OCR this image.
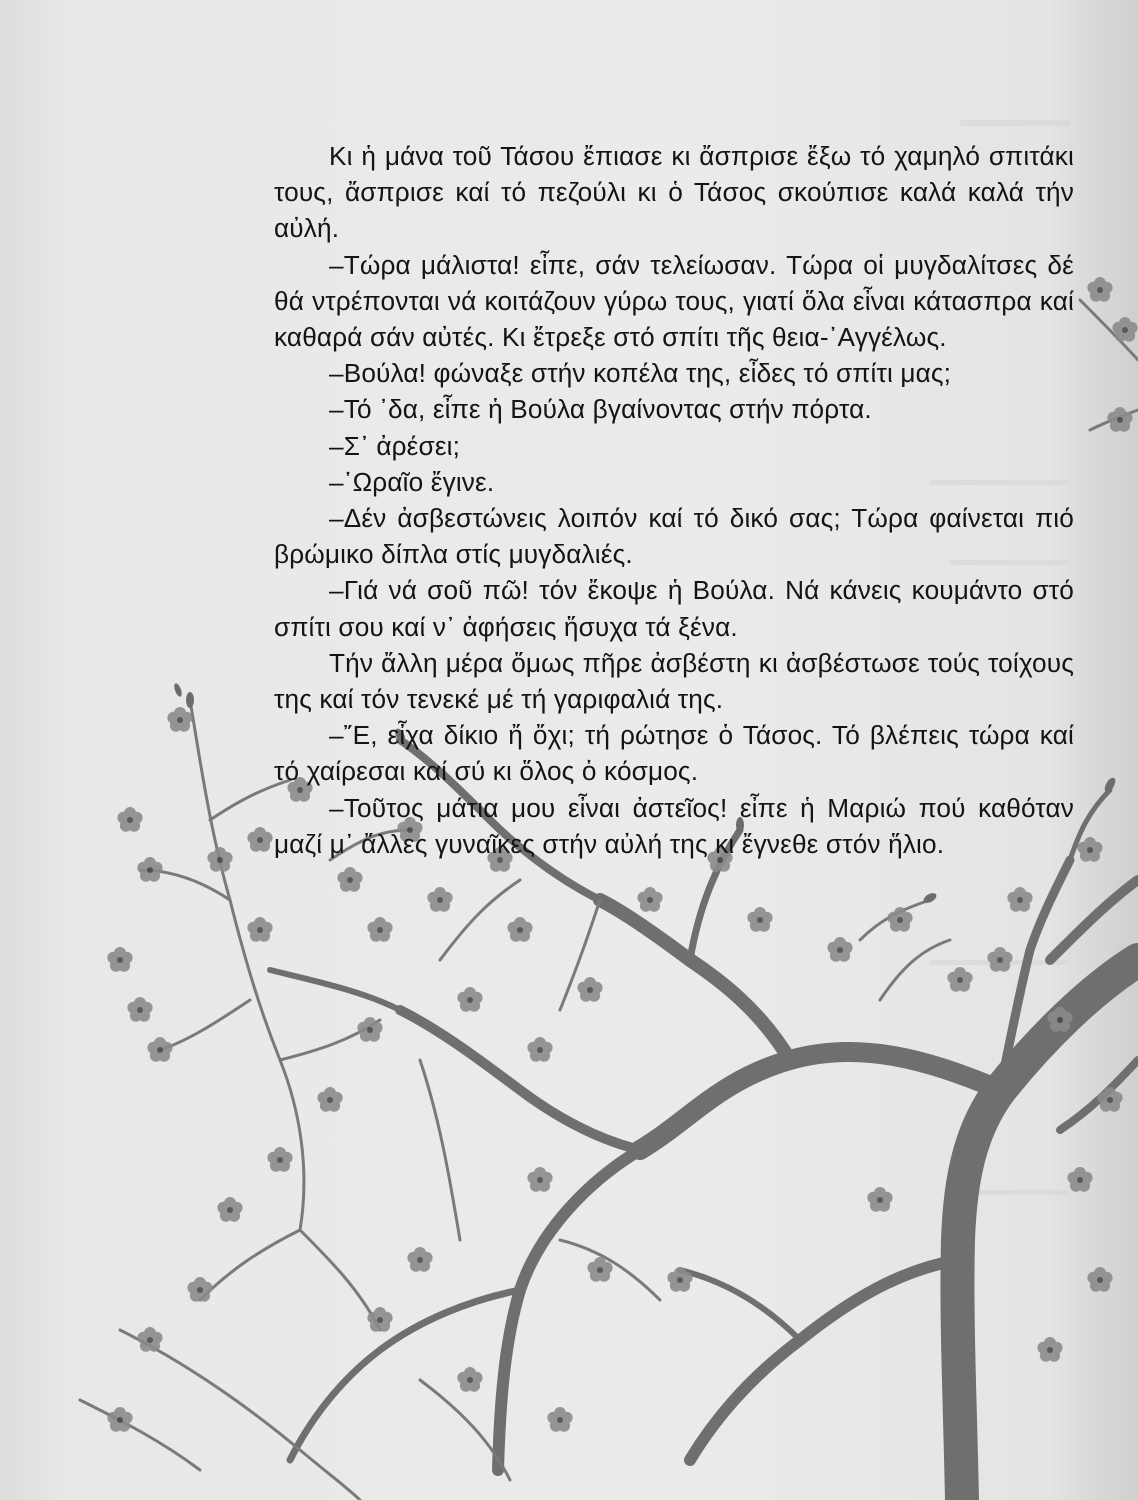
Κι ἡ μάνα τοῦ Τάσου ἔπιασε κι ἄσπρισε ἔξω τό χαμηλό σπιτάκι τους, ἄσπρισε καί τό πεζούλι κι ὁ Τάσος σκούπισε καλά καλά τήν αὐλή.

–Τώρα μάλιστα! εἶπε, σάν τελείωσαν. Τώρα οἱ μυγδαλίτσες δέ θά ντρέπονται νά κοιτάζουν γύρω τους, γιατί ὅλα εἶναι κάτασπρα καί καθαρά σάν αὐτές. Κι ἔτρεξε στό σπίτι τῆς θεια-᾿Αγγέλως.

–Βούλα! φώναξε στήν κοπέλα της, εἶδες τό σπίτι μας;

–Τό ᾿δα, εἶπε ἡ Βούλα βγαίνοντας στήν πόρτα.

–Σ᾿ ἀρέσει;

–῾Ωραῖο ἔγινε.

–Δέν ἀσβεστώνεις λοιπόν καί τό δικό σας; Τώρα φαίνεται πιό βρώμικο δίπλα στίς μυγδαλιές.

–Γιά νά σοῦ πῶ! τόν ἔκοψε ἡ Βούλα. Νά κάνεις κουμάντο στό σπίτι σου καί ν᾿ ἀφήσεις ἥσυχα τά ξένα.

Τήν ἄλλη μέρα ὅμως πῆρε ἀσβέστη κι ἀσβέστωσε τούς τοίχους της καί τόν τενεκέ μέ τή γαριφαλιά της.

–῎Ε, εἶχα δίκιο ἤ ὄχι; τή ρώτησε ὁ Τάσος. Τό βλέπεις τώρα καί τό χαίρεσαι καί σύ κι ὅλος ὁ κόσμος.

–Τοῦτος μάτια μου εἶναι ἀστεῖος! εἶπε ἡ Μαριώ πού καθόταν μαζί μ᾿ ἄλλες γυναῖκες στήν αὐλή της κι ἔγνεθε στόν ἥλιο.
